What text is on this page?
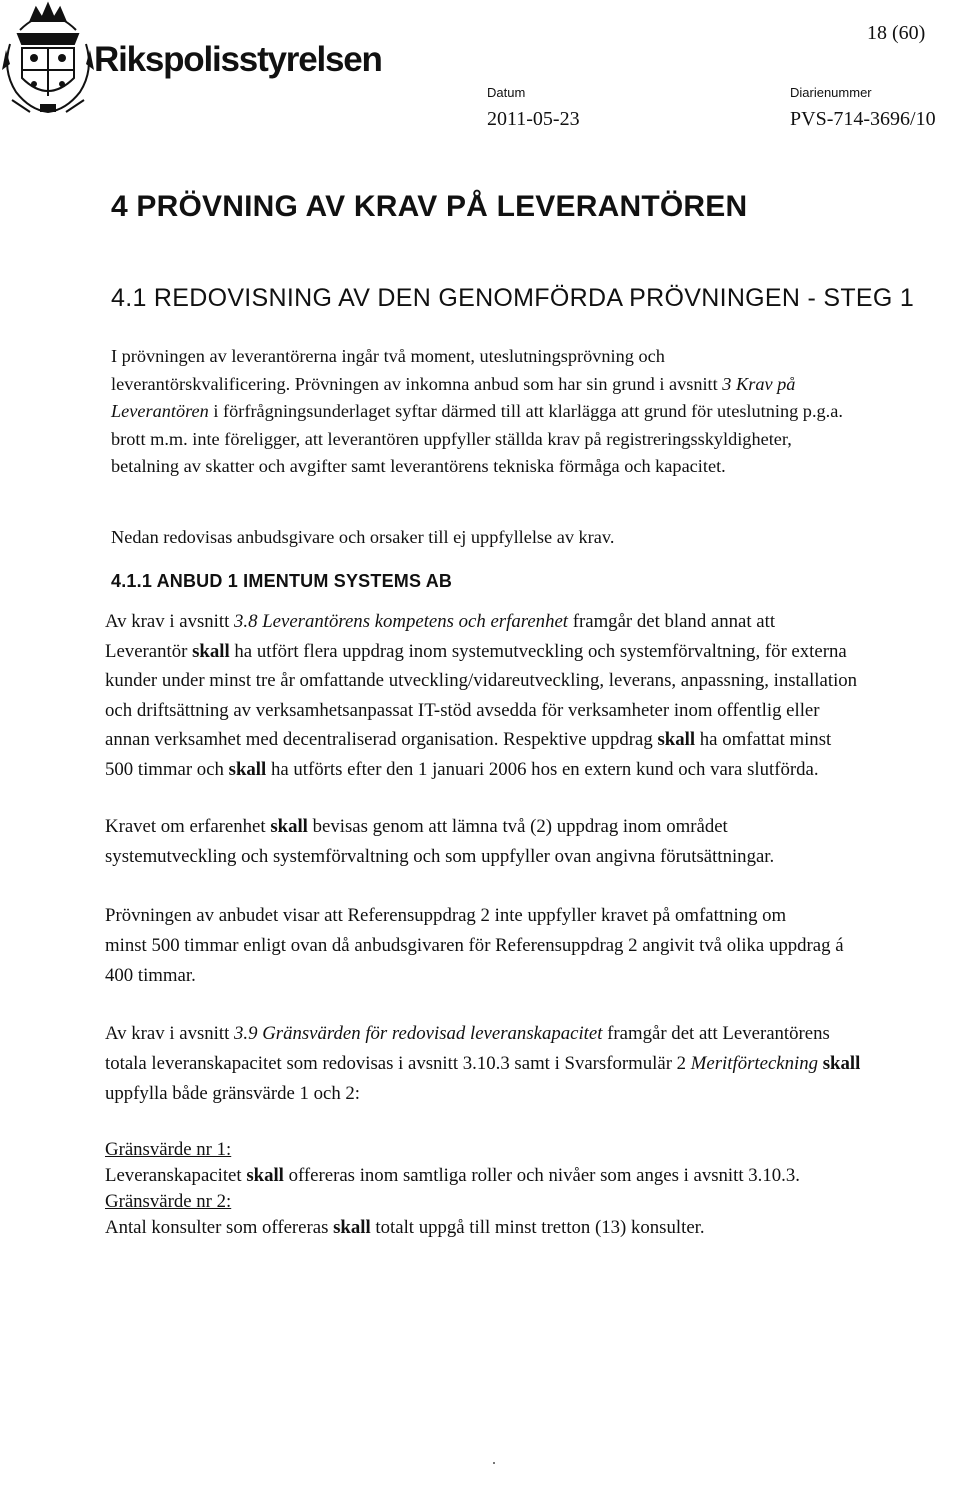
Rikspolisstyrelsen
18 (60)
Datum
2011-05-23
Diarienummer
PVS-714-3696/10
4 PRÖVNING AV KRAV PÅ LEVERANTÖREN
4.1 REDOVISNING AV DEN GENOMFÖRDA PRÖVNINGEN - STEG 1
I prövningen av leverantörerna ingår två moment, uteslutningsprövning och
leverantörskvalificering. Prövningen av inkomna anbud som har sin grund i avsnitt 3 Krav på
Leverantören i förfrågningsunderlaget syftar därmed till att klarlägga att grund för uteslutning p.g.a.
brott m.m. inte föreligger, att leverantören uppfyller ställda krav på registreringsskyldigheter,
betalning av skatter och avgifter samt leverantörens tekniska förmåga och kapacitet.
Nedan redovisas anbudsgivare och orsaker till ej uppfyllelse av krav.
4.1.1 ANBUD 1 IMENTUM SYSTEMS AB
Av krav i avsnitt 3.8 Leverantörens kompetens och erfarenhet framgår det bland annat att
Leverantör skall ha utfört flera uppdrag inom systemutveckling och systemförvaltning, för externa
kunder under minst tre år omfattande utveckling/vidareutveckling, leverans, anpassning, installation
och driftsättning av verksamhetsanpassat IT-stöd avsedda för verksamheter inom offentlig eller
annan verksamhet med decentraliserad organisation. Respektive uppdrag skall ha omfattat minst
500 timmar och skall ha utförts efter den 1 januari 2006 hos en extern kund och vara slutförda.
Kravet om erfarenhet skall bevisas genom att lämna två (2) uppdrag inom området
systemutveckling och systemförvaltning och som uppfyller ovan angivna förutsättningar.
Prövningen av anbudet visar att Referensuppdrag 2 inte uppfyller kravet på omfattning om
minst 500 timmar enligt ovan då anbudsgivaren för Referensuppdrag 2 angivit två olika uppdrag á
400 timmar.
Av krav i avsnitt 3.9 Gränsvärden för redovisad leveranskapacitet framgår det att Leverantörens
totala leveranskapacitet som redovisas i avsnitt 3.10.3 samt i Svarsformulär 2 Meritförteckning skall
uppfylla både gränsvärde 1 och 2:
Gränsvärde nr 1:
Leveranskapacitet skall offereras inom samtliga roller och nivåer som anges i avsnitt 3.10.3.
Gränsvärde nr 2:
Antal konsulter som offereras skall totalt uppgå till minst tretton (13) konsulter.
